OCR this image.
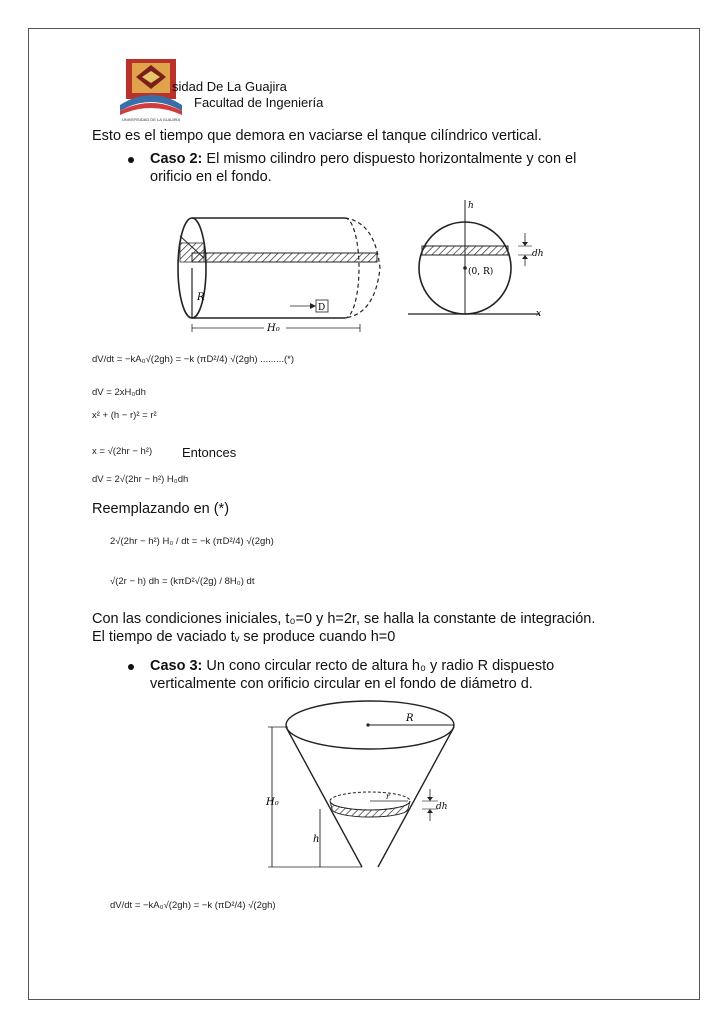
UNIVERSIDAD DE LA GUAJIRA
sidad De La Guajira
Facultad de Ingeniería
Esto es el tiempo que demora en vaciarse el tanque cilíndrico vertical.
Caso 2: El mismo cilindro pero dispuesto horizontalmente y con el
orificio en el fondo.
R
D
H₀
h
x
(0, R)
dh
dV/dt = −kA₀√(2gh) = −k (πD²/4) √(2gh) .........(*)
dV = 2xH₀dh
x² + (h − r)² = r²
x = √(2hr − h²) Entonces
dV = 2√(2hr − h²) H₀dh
Reemplazando en (*)
2√(2hr − h²) H₀ / dt = −k (πD²/4) √(2gh)
√(2r − h) dh = (kπD²√(2g) / 8H₀) dt
Con las condiciones iniciales, t₀=0 y h=2r, se halla la constante de integración.
El tiempo de vaciado tᵥ se produce cuando h=0
Caso 3: Un cono circular recto de altura h₀ y radio R dispuesto
verticalmente con orificio circular en el fondo de diámetro d.
R
r
H₀
h
dh
dV/dt = −kA₀√(2gh) = −k (πD²/4) √(2gh)
